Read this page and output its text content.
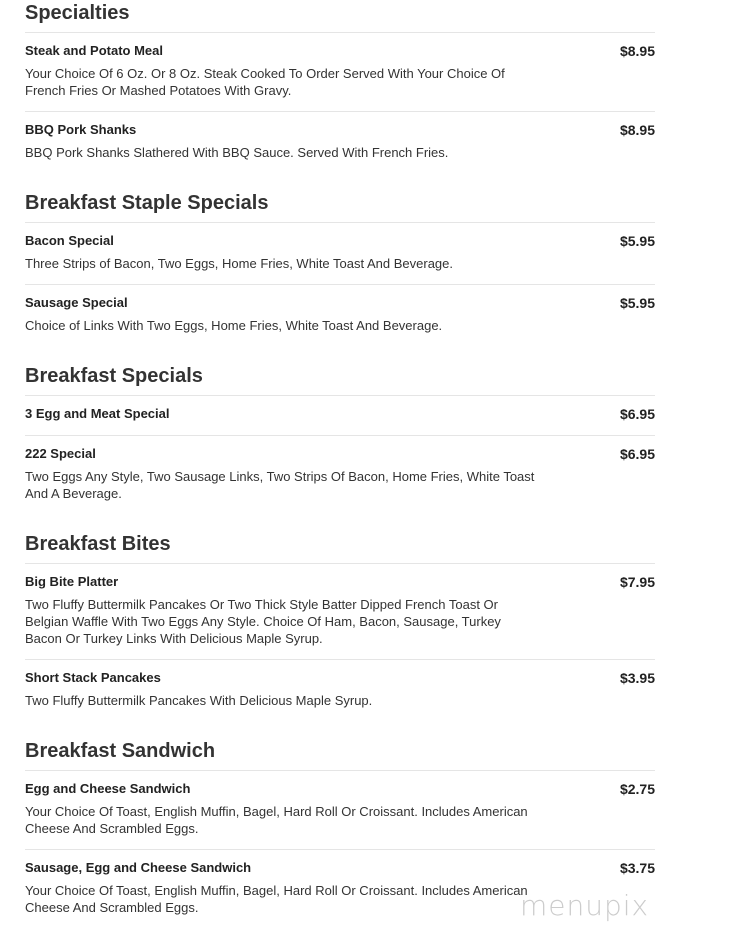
Specialties
Steak and Potato Meal	$8.95
Your Choice Of 6 Oz. Or 8 Oz. Steak Cooked To Order Served With Your Choice Of French Fries Or Mashed Potatoes With Gravy.
BBQ Pork Shanks	$8.95
BBQ Pork Shanks Slathered With BBQ Sauce. Served With French Fries.
Breakfast Staple Specials
Bacon Special	$5.95
Three Strips of Bacon, Two Eggs, Home Fries, White Toast And Beverage.
Sausage Special	$5.95
Choice of Links With Two Eggs, Home Fries, White Toast And Beverage.
Breakfast Specials
3 Egg and Meat Special	$6.95
222 Special	$6.95
Two Eggs Any Style, Two Sausage Links, Two Strips Of Bacon, Home Fries, White Toast And A Beverage.
Breakfast Bites
Big Bite Platter	$7.95
Two Fluffy Buttermilk Pancakes Or Two Thick Style Batter Dipped French Toast Or Belgian Waffle With Two Eggs Any Style. Choice Of Ham, Bacon, Sausage, Turkey Bacon Or Turkey Links With Delicious Maple Syrup.
Short Stack Pancakes	$3.95
Two Fluffy Buttermilk Pancakes With Delicious Maple Syrup.
Breakfast Sandwich
Egg and Cheese Sandwich	$2.75
Your Choice Of Toast, English Muffin, Bagel, Hard Roll Or Croissant. Includes American Cheese And Scrambled Eggs.
Sausage, Egg and Cheese Sandwich	$3.75
Your Choice Of Toast, English Muffin, Bagel, Hard Roll Or Croissant. Includes American Cheese And Scrambled Eggs.	menupix
